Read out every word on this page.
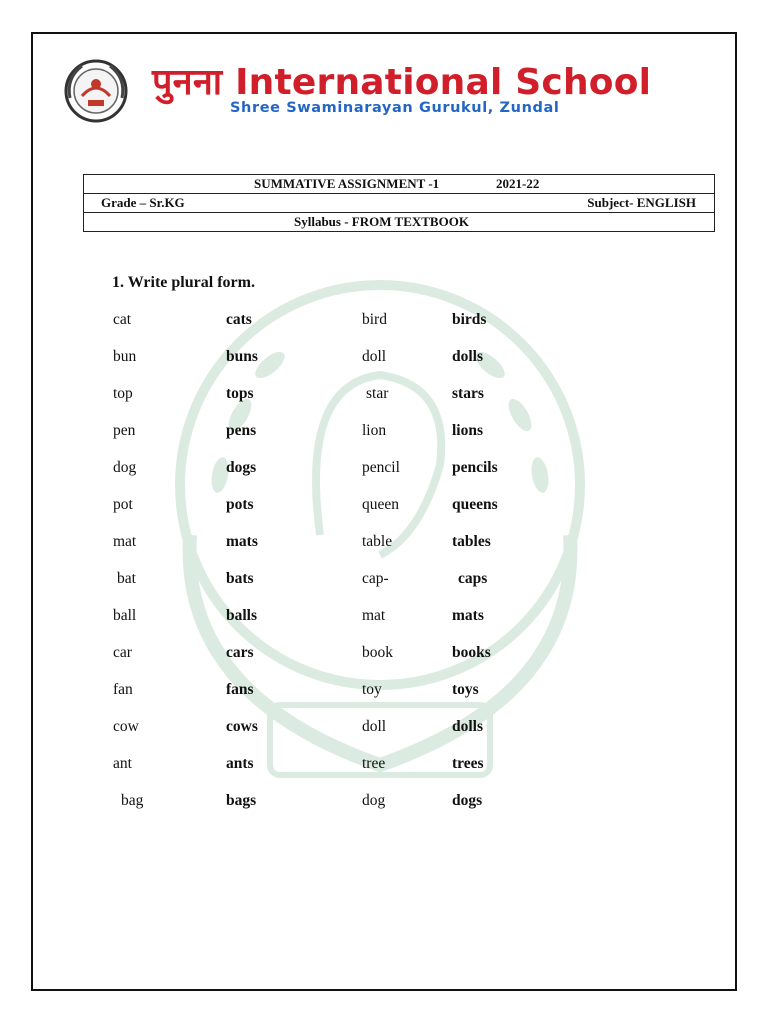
पुनना International School
Shree Swaminarayan Gurukul, Zundal
SUMMATIVE ASSIGNMENT -1	2021-22
Grade – Sr.KG	Subject- ENGLISH
Syllabus - FROM TEXTBOOK
1. Write plural form.
cat	cats	bird	birds
bun	buns	doll	dolls
top	tops	star	stars
pen	pens	lion	lions
dog	dogs	pencil	pencils
pot	pots	queen	queens
mat	mats	table	tables
bat	bats	cap-	caps
ball	balls	mat	mats
car	cars	book	books
fan	fans	toy	toys
cow	cows	doll	dolls
ant	ants	tree	trees
bag	bags	dog	dogs
